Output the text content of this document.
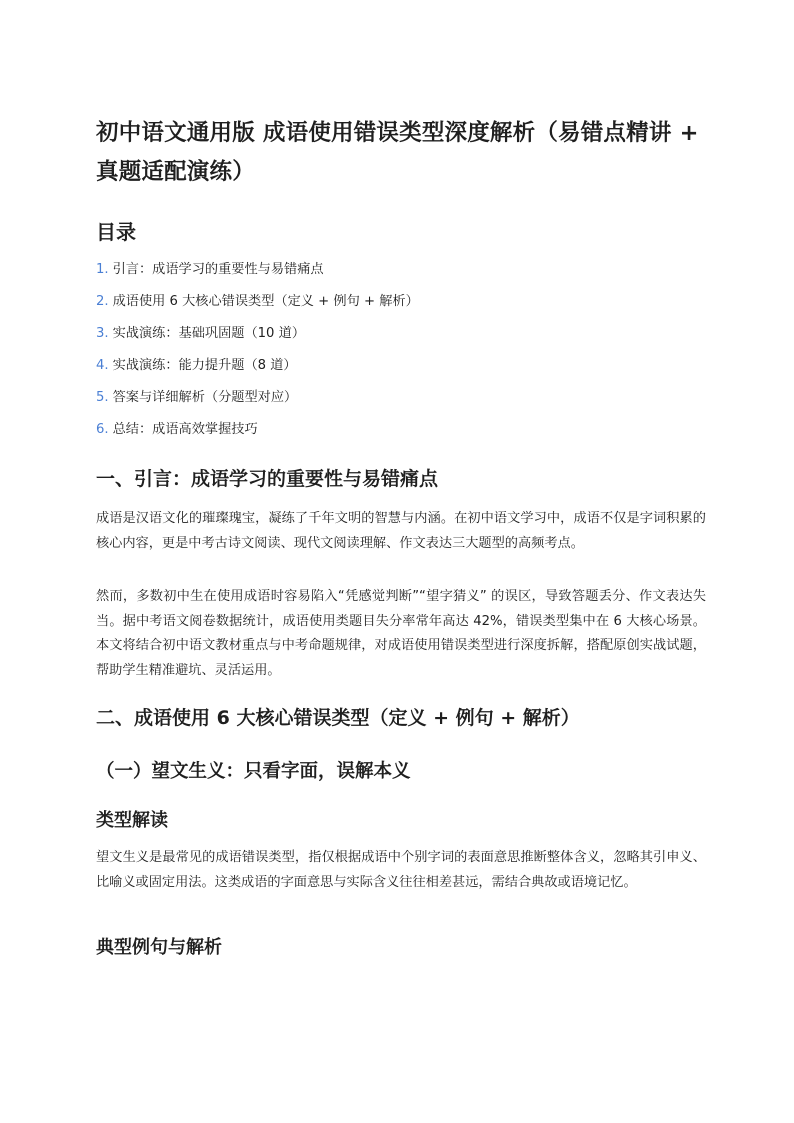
初中语文通用版 成语使用错误类型深度解析（易错点精讲 + 真题适配演练）
目录
1. 引言：成语学习的重要性与易错痛点
2. 成语使用 6 大核心错误类型（定义 + 例句 + 解析）
3. 实战演练：基础巩固题（10 道）
4. 实战演练：能力提升题（8 道）
5. 答案与详细解析（分题型对应）
6. 总结：成语高效掌握技巧
一、引言：成语学习的重要性与易错痛点

成语是汉语文化的璀璨瑰宝，凝练了千年文明的智慧与内涵。在初中语文学习中，成语不仅是字词积累的核心内容，更是中考古诗文阅读、现代文阅读理解、作文表达三大题型的高频考点。

然而，多数初中生在使用成语时容易陷入“凭感觉判断”“望字猜义” 的误区，导致答题丢分、作文表达失当。据中考语文阅卷数据统计，成语使用类题目失分率常年高达 42%，错误类型集中在 6 大核心场景。本文将结合初中语文教材重点与中考命题规律，对成语使用错误类型进行深度拆解，搭配原创实战试题，帮助学生精准避坑、灵活运用。

二、成语使用 6 大核心错误类型（定义 + 例句 + 解析）
（一）望文生义：只看字面，误解本义
类型解读

望文生义是最常见的成语错误类型，指仅根据成语中个别字词的表面意思推断整体含义，忽略其引申义、比喻义或固定用法。这类成语的字面意思与实际含义往往相差甚远，需结合典故或语境记忆。

典型例句与解析
